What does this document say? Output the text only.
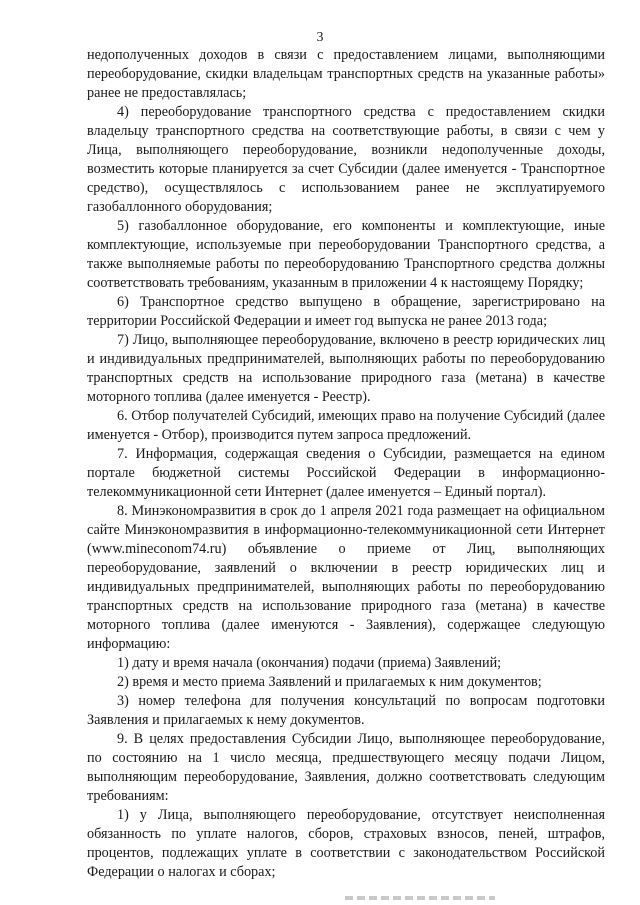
3

недополученных доходов в связи с предоставлением лицами, выполняющими переоборудование, скидки владельцам транспортных средств на указанные работы» ранее не предоставлялась;

4) переоборудование транспортного средства с предоставлением скидки владельцу транспортного средства на соответствующие работы, в связи с чем у Лица, выполняющего переоборудование, возникли недополученные доходы, возместить которые планируется за счет Субсидии (далее именуется - Транспортное средство), осуществлялось с использованием ранее не эксплуатируемого газобаллонного оборудования;

5) газобаллонное оборудование, его компоненты и комплектующие, иные комплектующие, используемые при переоборудовании Транспортного средства, а также выполняемые работы по переоборудованию Транспортного средства должны соответствовать требованиям, указанным в приложении 4 к настоящему Порядку;

6) Транспортное средство выпущено в обращение, зарегистрировано на территории Российской Федерации и имеет год выпуска не ранее 2013 года;

7) Лицо, выполняющее переоборудование, включено в реестр юридических лиц и индивидуальных предпринимателей, выполняющих работы по переоборудованию транспортных средств на использование природного газа (метана) в качестве моторного топлива (далее именуется - Реестр).

6. Отбор получателей Субсидий, имеющих право на получение Субсидий (далее именуется - Отбор), производится путем запроса предложений.

7. Информация, содержащая сведения о Субсидии, размещается на едином портале бюджетной системы Российской Федерации в информационно-телекоммуникационной сети Интернет (далее именуется – Единый портал).

8. Минэкономразвития в срок до 1 апреля 2021 года размещает на официальном сайте Минэкономразвития в информационно-телекоммуникационной сети Интернет (www.mineconom74.ru) объявление о приеме от Лиц, выполняющих переоборудование, заявлений о включении в реестр юридических лиц и индивидуальных предпринимателей, выполняющих работы по переоборудованию транспортных средств на использование природного газа (метана) в качестве моторного топлива (далее именуются - Заявления), содержащее следующую информацию:

1) дату и время начала (окончания) подачи (приема) Заявлений;

2) время и место приема Заявлений и прилагаемых к ним документов;

3) номер телефона для получения консультаций по вопросам подготовки Заявления и прилагаемых к нему документов.

9. В целях предоставления Субсидии Лицо, выполняющее переоборудование, по состоянию на 1 число месяца, предшествующего месяцу подачи Лицом, выполняющим переоборудование, Заявления, должно соответствовать следующим требованиям:

1) у Лица, выполняющего переоборудование, отсутствует неисполненная обязанность по уплате налогов, сборов, страховых взносов, пеней, штрафов, процентов, подлежащих уплате в соответствии с законодательством Российской Федерации о налогах и сборах;
